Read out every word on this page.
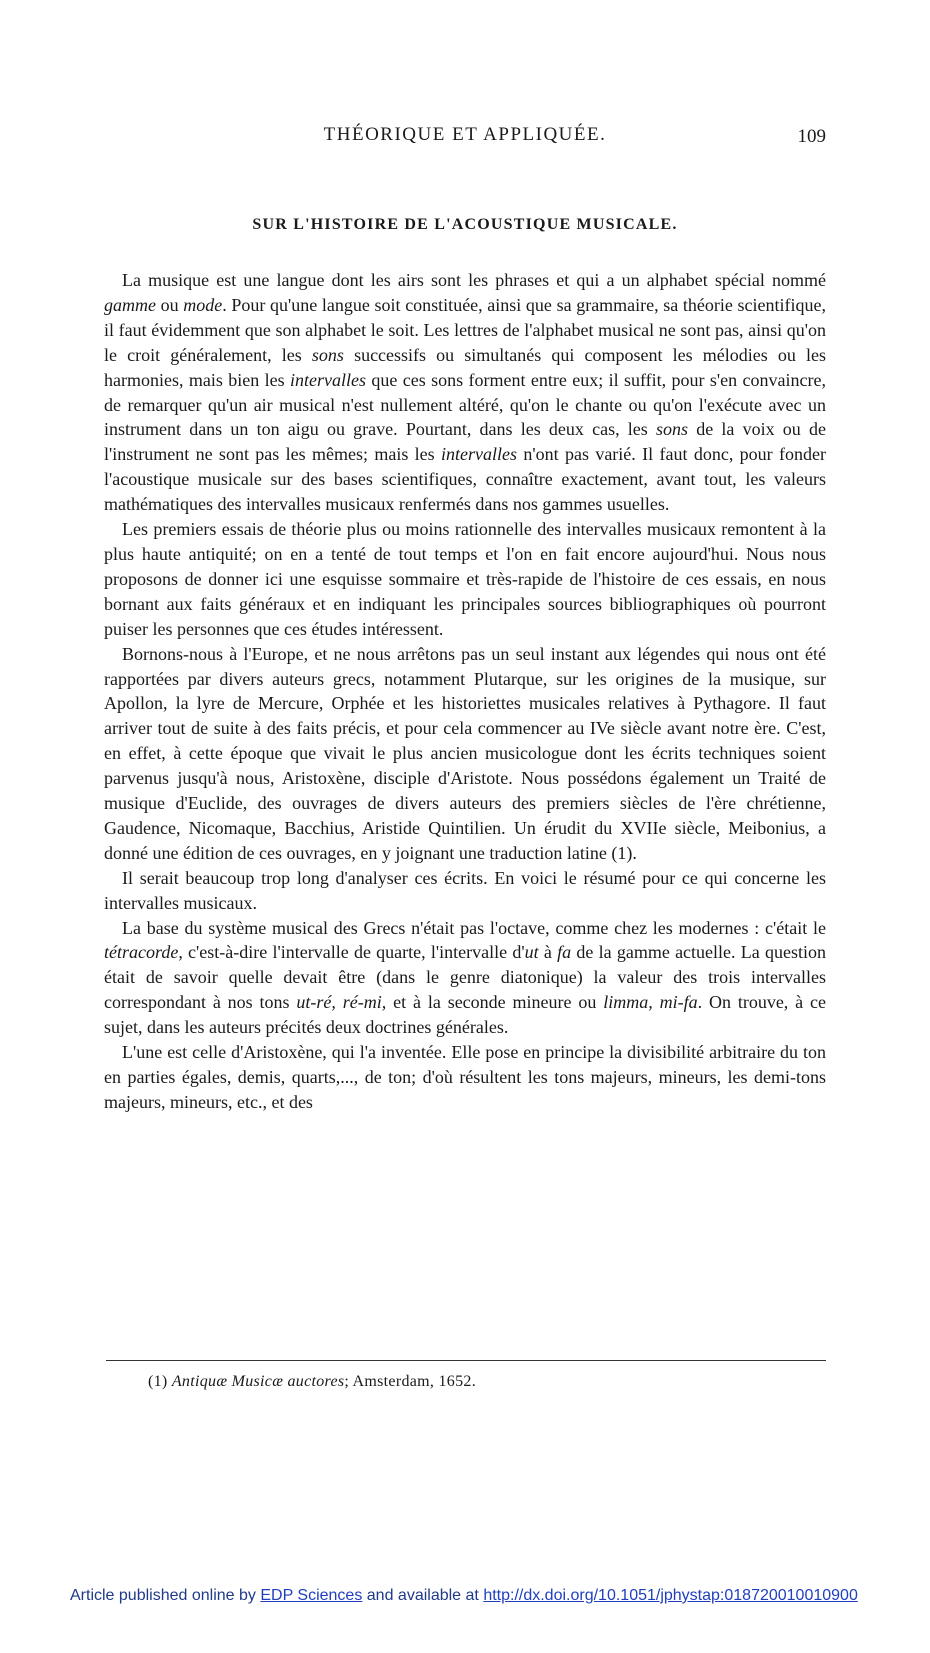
THÉORIQUE ET APPLIQUÉE.	109
SUR L'HISTOIRE DE L'ACOUSTIQUE MUSICALE.

La musique est une langue dont les airs sont les phrases et qui a un alphabet spécial nommé gamme ou mode. Pour qu'une langue soit constituée, ainsi que sa grammaire, sa théorie scientifique, il faut évidemment que son alphabet le soit. Les lettres de l'alphabet musical ne sont pas, ainsi qu'on le croit généralement, les sons successifs ou simultanés qui composent les mélodies ou les harmonies, mais bien les intervalles que ces sons forment entre eux; il suffit, pour s'en convaincre, de remarquer qu'un air musical n'est nullement altéré, qu'on le chante ou qu'on l'exécute avec un instrument dans un ton aigu ou grave. Pourtant, dans les deux cas, les sons de la voix ou de l'instrument ne sont pas les mêmes; mais les intervalles n'ont pas varié. Il faut donc, pour fonder l'acoustique musicale sur des bases scientifiques, connaître exactement, avant tout, les valeurs mathématiques des intervalles musicaux renfermés dans nos gammes usuelles.

Les premiers essais de théorie plus ou moins rationnelle des intervalles musicaux remontent à la plus haute antiquité; on en a tenté de tout temps et l'on en fait encore aujourd'hui. Nous nous proposons de donner ici une esquisse sommaire et très-rapide de l'histoire de ces essais, en nous bornant aux faits généraux et en indiquant les principales sources bibliographiques où pourront puiser les personnes que ces études intéressent.

Bornons-nous à l'Europe, et ne nous arrêtons pas un seul instant aux légendes qui nous ont été rapportées par divers auteurs grecs, notamment Plutarque, sur les origines de la musique, sur Apollon, la lyre de Mercure, Orphée et les historiettes musicales relatives à Pythagore. Il faut arriver tout de suite à des faits précis, et pour cela commencer au IVe siècle avant notre ère. C'est, en effet, à cette époque que vivait le plus ancien musicologue dont les écrits techniques soient parvenus jusqu'à nous, Aristoxène, disciple d'Aristote. Nous possédons également un Traité de musique d'Euclide, des ouvrages de divers auteurs des premiers siècles de l'ère chrétienne, Gaudence, Nicomaque, Bacchius, Aristide Quintilien. Un érudit du XVIIe siècle, Meibonius, a donné une édition de ces ouvrages, en y joignant une traduction latine (1).

Il serait beaucoup trop long d'analyser ces écrits. En voici le résumé pour ce qui concerne les intervalles musicaux.

La base du système musical des Grecs n'était pas l'octave, comme chez les modernes : c'était le tétracorde, c'est-à-dire l'intervalle de quarte, l'intervalle d'ut à fa de la gamme actuelle. La question était de savoir quelle devait être (dans le genre diatonique) la valeur des trois intervalles correspondant à nos tons ut-ré, ré-mi, et à la seconde mineure ou limma, mi-fa. On trouve, à ce sujet, dans les auteurs précités deux doctrines générales.

L'une est celle d'Aristoxène, qui l'a inventée. Elle pose en principe la divisibilité arbitraire du ton en parties égales, demis, quarts,..., de ton; d'où résultent les tons majeurs, mineurs, les demi-tons majeurs, mineurs, etc., et des

(1) Antiquæ Musicæ auctores; Amsterdam, 1652.
Article published online by EDP Sciences and available at http://dx.doi.org/10.1051/jphystap:018720010010900
